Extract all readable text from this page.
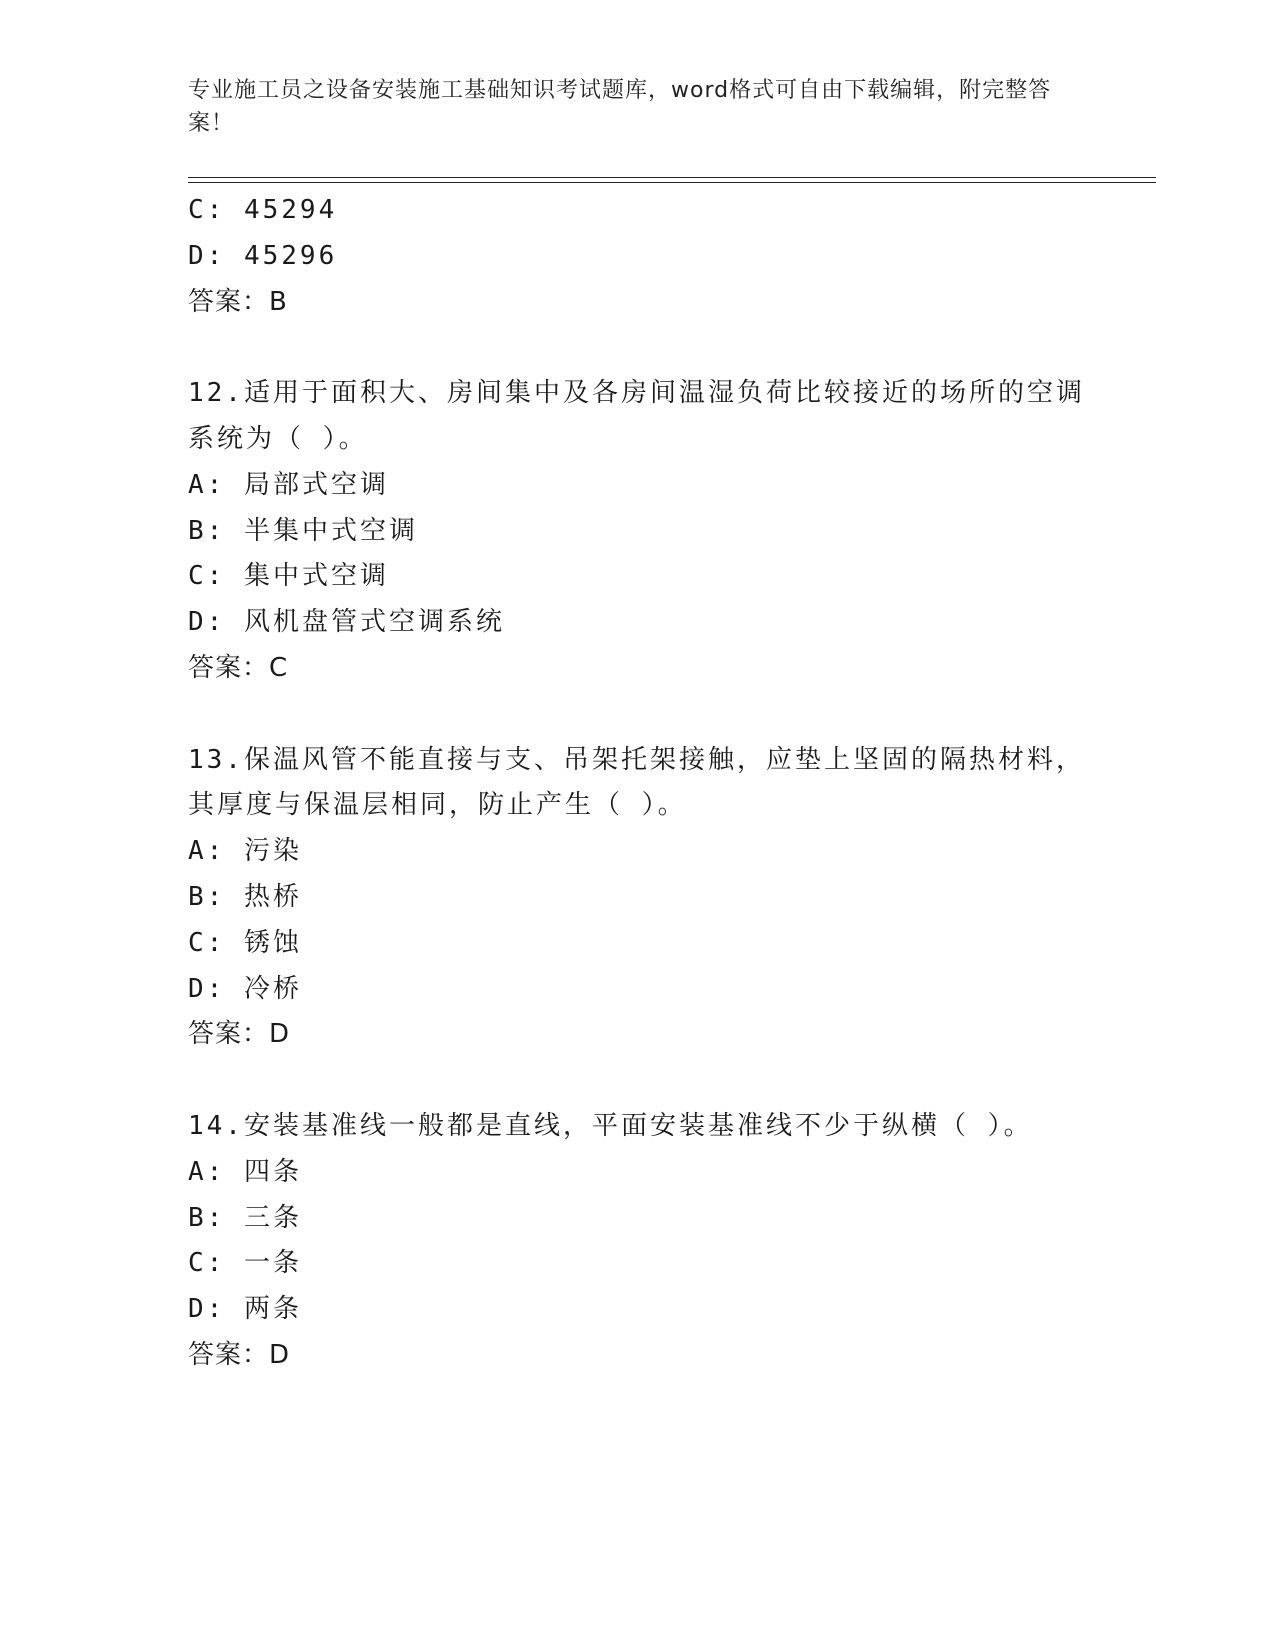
专业施工员之设备安装施工基础知识考试题库，word格式可自由下载编辑，附完整答案！
C: 45294
D: 45296
答案：B
12.适用于面积大、房间集中及各房间温湿负荷比较接近的场所的空调
系统为（ ）。
A: 局部式空调
B: 半集中式空调
C: 集中式空调
D: 风机盘管式空调系统
答案：C
13.保温风管不能直接与支、吊架托架接触，应垫上坚固的隔热材料，
其厚度与保温层相同，防止产生（ ）。
A: 污染
B: 热桥
C: 锈蚀
D: 冷桥
答案：D
14.安装基准线一般都是直线，平面安装基准线不少于纵横（ ）。
A: 四条
B: 三条
C: 一条
D: 两条
答案：D
